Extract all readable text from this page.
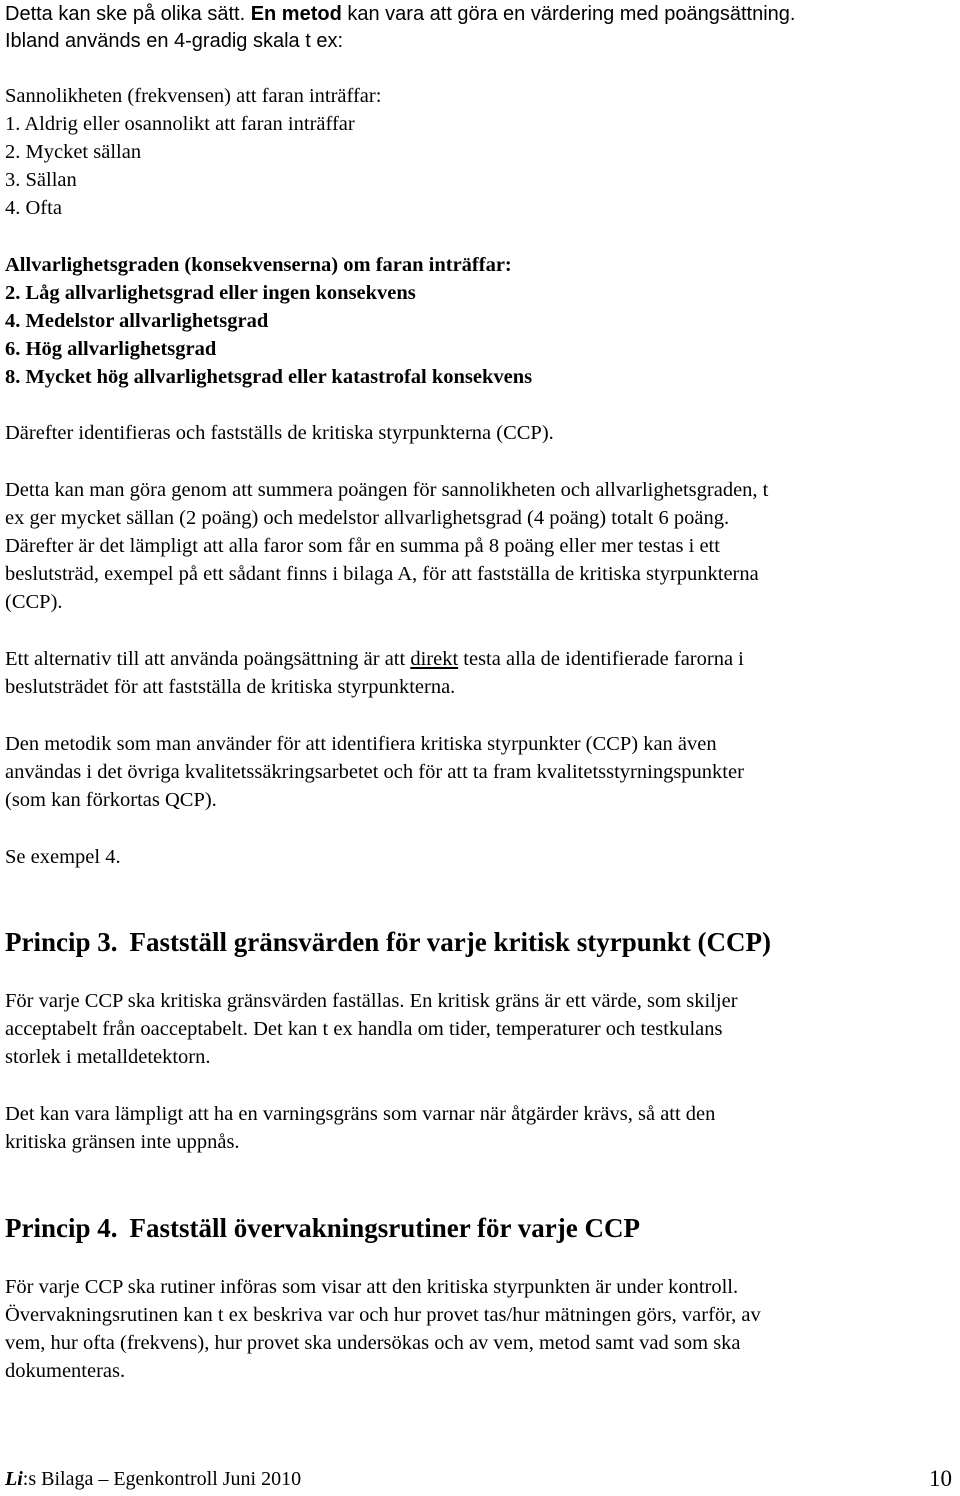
Detta kan ske på olika sätt. En metod kan vara att göra en värdering med poängsättning.

Ibland används en 4-gradig skala t ex:

Sannolikheten (frekvensen) att faran inträffar:

1. Aldrig eller osannolikt att faran inträffar

2. Mycket sällan

3. Sällan

4. Ofta

Allvarlighetsgraden (konsekvenserna) om faran inträffar:

2. Låg allvarlighetsgrad eller ingen konsekvens

4. Medelstor allvarlighetsgrad

6. Hög allvarlighetsgrad

8. Mycket hög allvarlighetsgrad eller katastrofal konsekvens

Därefter identifieras och fastställs de kritiska styrpunkterna (CCP).

Detta kan man göra genom att summera poängen för sannolikheten och allvarlighetsgraden, t

ex ger mycket sällan (2 poäng) och medelstor allvarlighetsgrad (4 poäng) totalt 6 poäng.

Därefter är det lämpligt att alla faror som får en summa på 8 poäng eller mer testas i ett

beslutsträd, exempel på ett sådant finns i bilaga A, för att fastställa de kritiska styrpunkterna

(CCP).

Ett alternativ till att använda poängsättning är att direkt testa alla de identifierade farorna i

beslutsträdet för att fastställa de kritiska styrpunkterna.

Den metodik som man använder för att identifiera kritiska styrpunkter (CCP) kan även

användas i det övriga kvalitetssäkringsarbetet och för att ta fram kvalitetsstyrningspunkter

(som kan förkortas QCP).

Se exempel 4.

Princip 3. Fastställ gränsvärden för varje kritisk styrpunkt (CCP)

För varje CCP ska kritiska gränsvärden faställas. En kritisk gräns är ett värde, som skiljer

acceptabelt från oacceptabelt. Det kan t ex handla om tider, temperaturer och testkulans

storlek i metalldetektorn.

Det kan vara lämpligt att ha en varningsgräns som varnar när åtgärder krävs, så att den

kritiska gränsen inte uppnås.

Princip 4. Fastställ övervakningsrutiner för varje CCP

För varje CCP ska rutiner införas som visar att den kritiska styrpunkten är under kontroll.

Övervakningsrutinen kan t ex beskriva var och hur provet tas/hur mätningen görs, varför, av

vem, hur ofta (frekvens), hur provet ska undersökas och av vem, metod samt vad som ska

dokumenteras.

Li:s Bilaga – Egenkontroll Juni 2010	10
